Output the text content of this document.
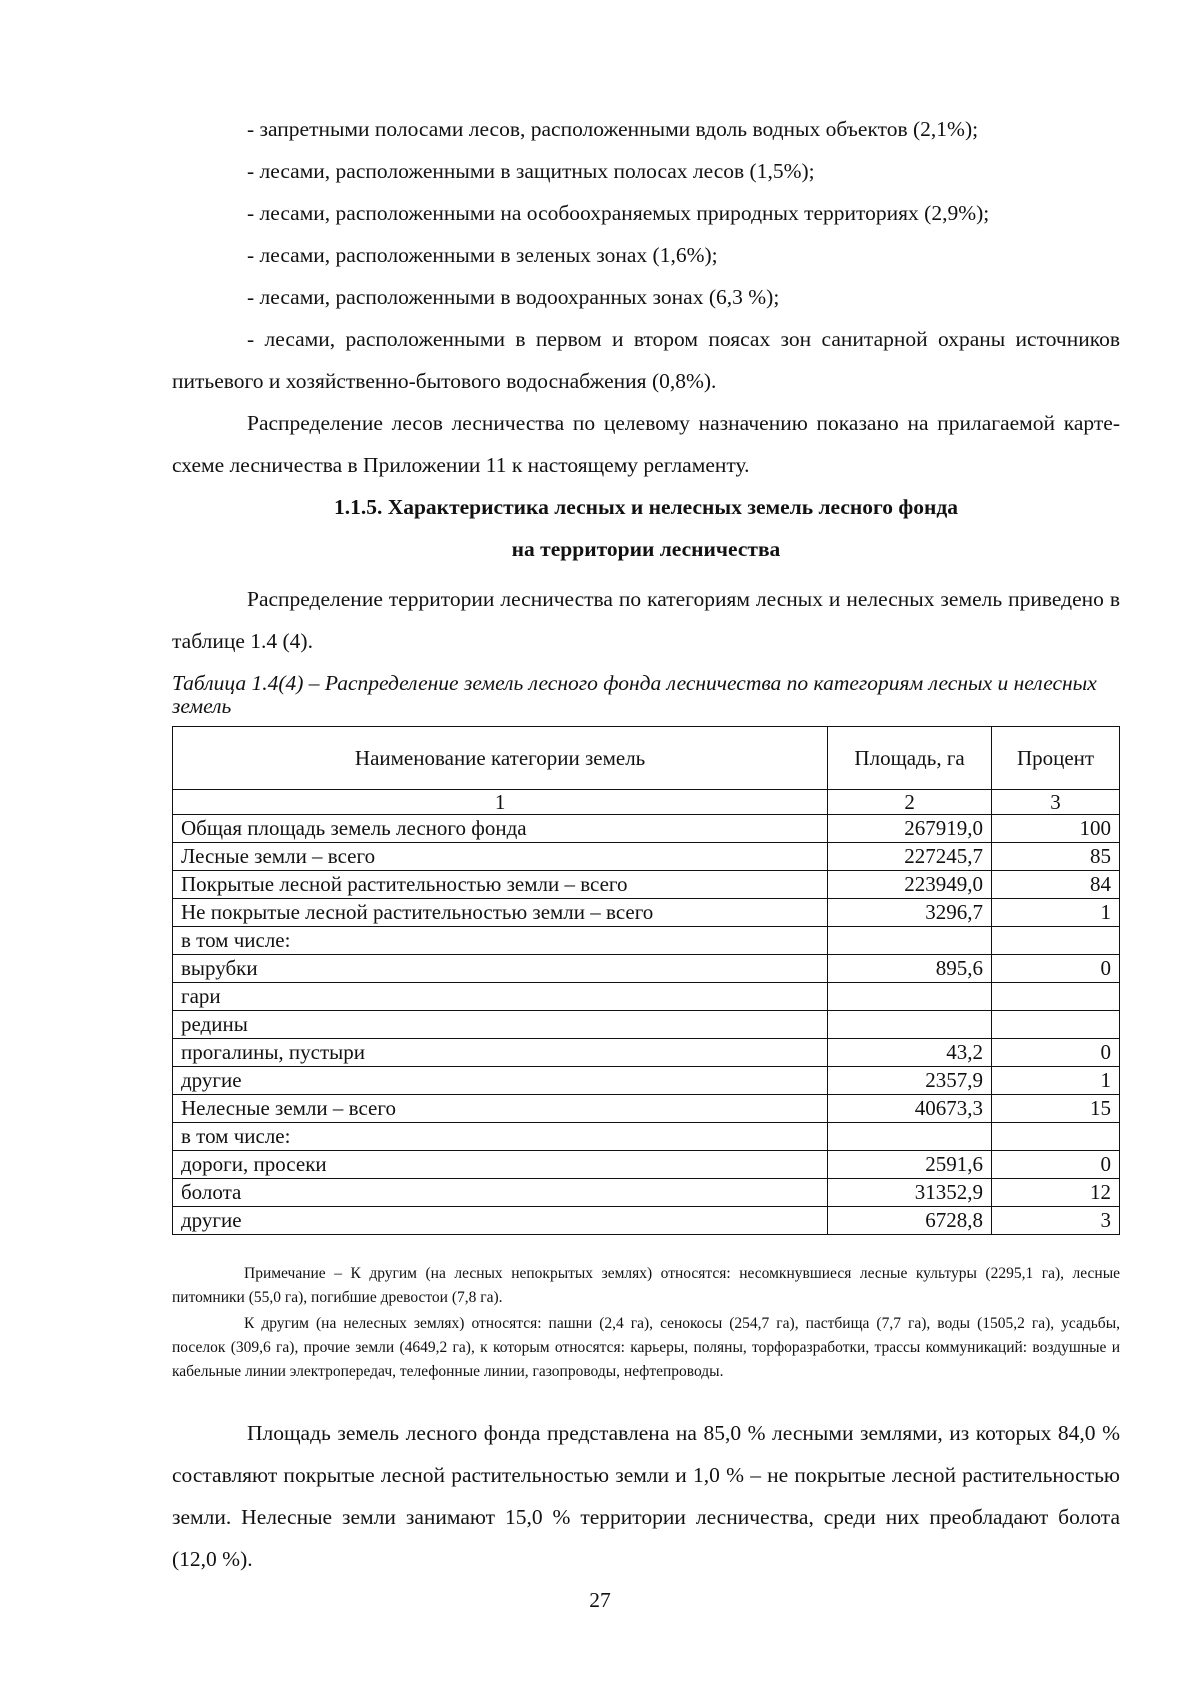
- запретными полосами лесов, расположенными вдоль водных объектов (2,1%);
- лесами, расположенными в защитных полосах лесов (1,5%);
- лесами, расположенными на особоохраняемых природных территориях (2,9%);
- лесами, расположенными в зеленых зонах (1,6%);
- лесами, расположенными в водоохранных зонах (6,3 %);
- лесами, расположенными в первом и втором поясах зон санитарной охраны источников питьевого и хозяйственно-бытового водоснабжения (0,8%).
Распределение лесов лесничества по целевому назначению показано на прилагаемой карте-схеме лесничества в Приложении 11 к настоящему регламенту.
1.1.5. Характеристика лесных и нелесных земель лесного фонда
на территории лесничества
Распределение территории лесничества по категориям лесных и нелесных земель приведено в таблице 1.4 (4).
Таблица 1.4(4) – Распределение земель лесного фонда лесничества по категориям лесных и нелесных земель
Наименование категории земель	Площадь, га	Процент
1	2	3
Общая площадь земель лесного фонда	267919,0	100
Лесные земли – всего	227245,7	85
Покрытые лесной растительностью земли – всего	223949,0	84
Не покрытые лесной растительностью земли – всего	3296,7	1
в том числе:		
вырубки	895,6	0
гари		
редины		
прогалины, пустыри	43,2	0
другие	2357,9	1
Нелесные земли – всего	40673,3	15
в том числе:		
дороги, просеки	2591,6	0
болота	31352,9	12
другие	6728,8	3
Примечание – К другим (на лесных непокрытых землях) относятся: несомкнувшиеся лесные культуры (2295,1 га), лесные питомники (55,0 га), погибшие древостои (7,8 га).
К другим (на нелесных землях) относятся: пашни (2,4 га), сенокосы (254,7 га), пастбища (7,7 га), воды (1505,2 га), усадьбы, поселок (309,6 га), прочие земли (4649,2 га), к которым относятся: карьеры, поляны, торфоразработки, трассы коммуникаций: воздушные и кабельные линии электропередач, телефонные линии, газопроводы, нефтепроводы.
Площадь земель лесного фонда представлена на 85,0 % лесными землями, из которых 84,0 % составляют покрытые лесной растительностью земли и 1,0 % – не покрытые лесной растительностью земли. Нелесные земли занимают 15,0 % территории лесничества, среди них преобладают болота (12,0 %).
27
